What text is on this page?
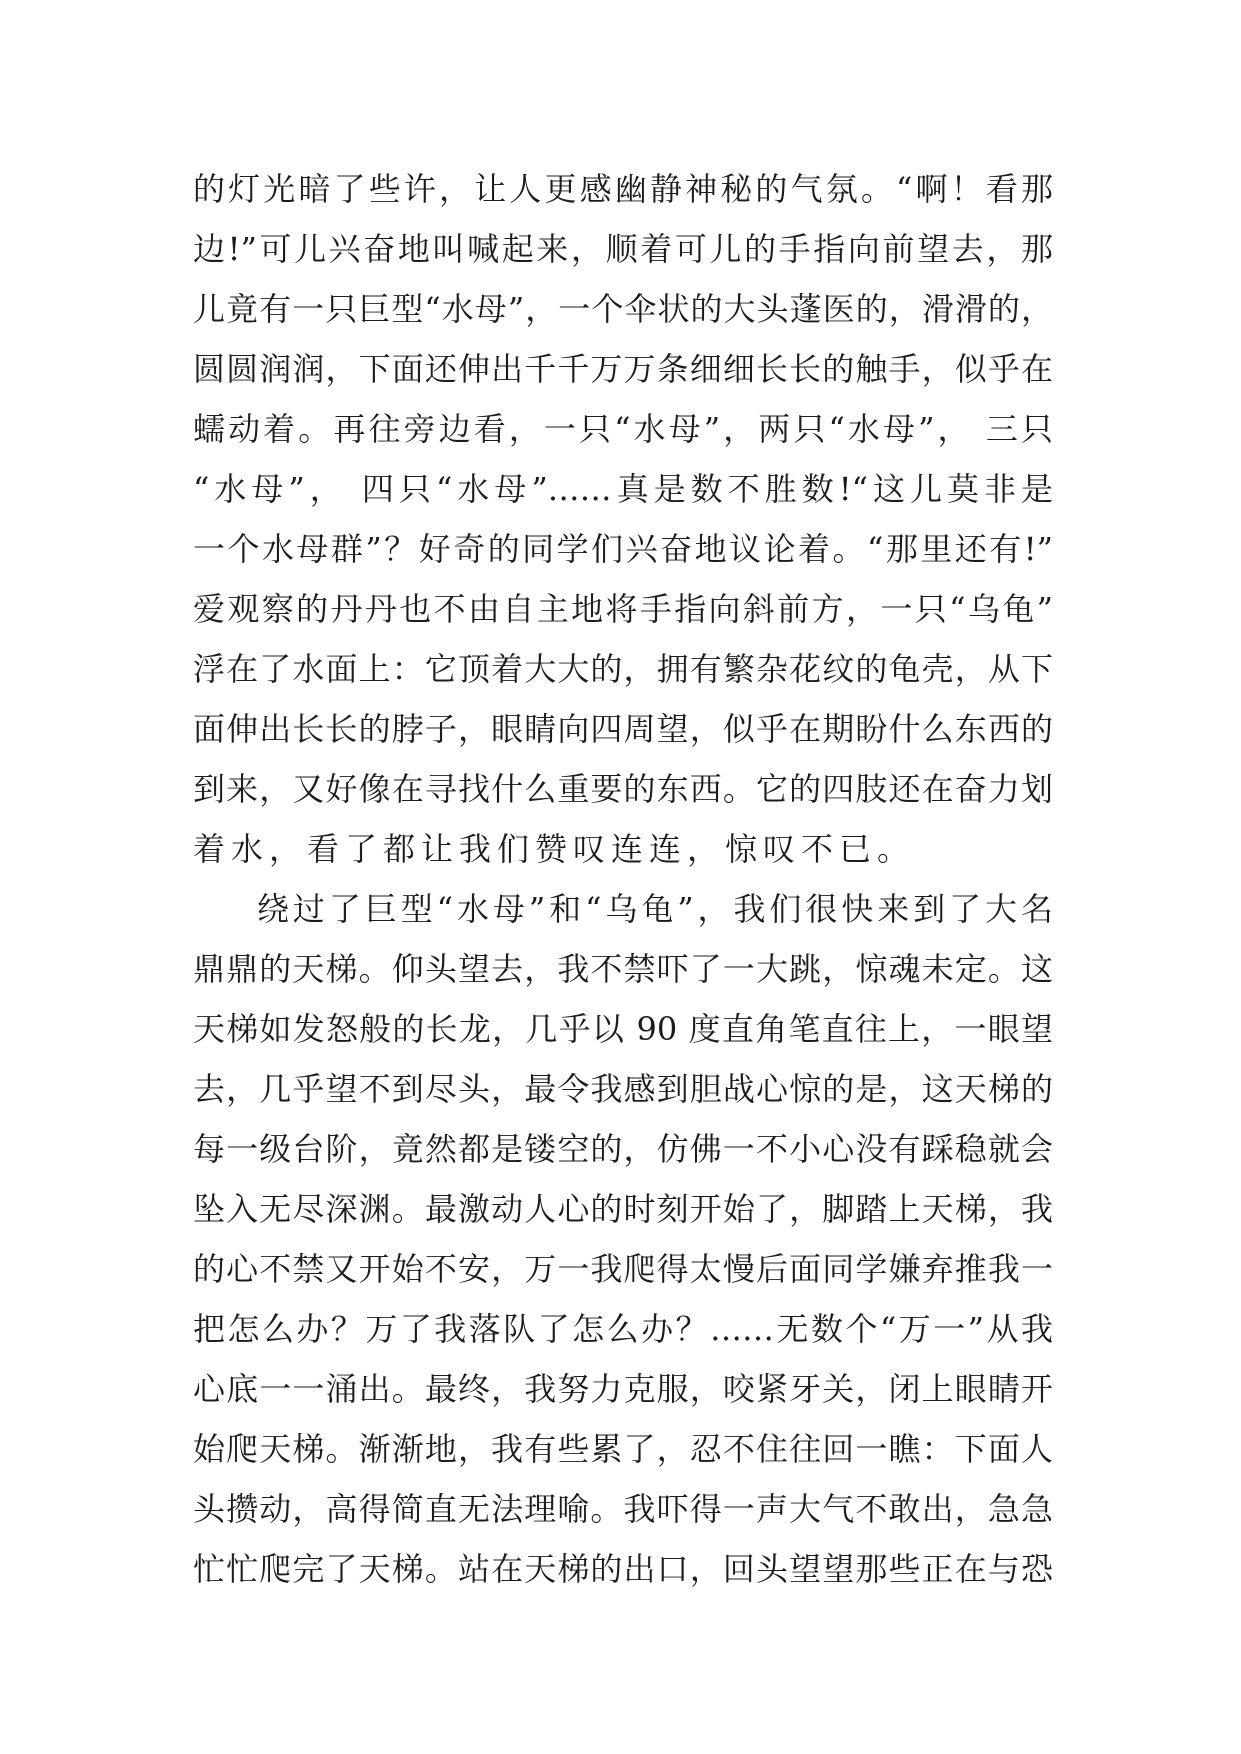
的灯光暗了些许，让人更感幽静神秘的气氛。“啊！看那
边!”可儿兴奋地叫喊起来，顺着可儿的手指向前望去，那
儿竟有一只巨型“水母”，一个伞状的大头蓬医的，滑滑的，
圆圆润润，下面还伸出千千万万条细细长长的触手，似乎在
蠕动着。再往旁边看，一只“水母”，两只“水母”， 三只
“水母”， 四只“水母”……真是数不胜数!“这儿莫非是
一个水母群”？好奇的同学们兴奋地议论着。“那里还有!”
爱观察的丹丹也不由自主地将手指向斜前方，一只“乌龟”
浮在了水面上：它顶着大大的，拥有繁杂花纹的龟壳，从下
面伸出长长的脖子，眼睛向四周望，似乎在期盼什么东西的
到来，又好像在寻找什么重要的东西。它的四肢还在奋力划
着水，看了都让我们赞叹连连，惊叹不已。
绕过了巨型“水母”和“乌龟”，我们很快来到了大名
鼎鼎的天梯。仰头望去，我不禁吓了一大跳，惊魂未定。这
天梯如发怒般的长龙，几乎以 90 度直角笔直往上，一眼望
去，几乎望不到尽头，最令我感到胆战心惊的是，这天梯的
每一级台阶，竟然都是镂空的，仿佛一不小心没有踩稳就会
坠入无尽深渊。最激动人心的时刻开始了，脚踏上天梯，我
的心不禁又开始不安，万一我爬得太慢后面同学嫌弃推我一
把怎么办？万了我落队了怎么办？……无数个“万一”从我
心底一一涌出。最终，我努力克服，咬紧牙关，闭上眼睛开
始爬天梯。渐渐地，我有些累了，忍不住往回一瞧：下面人
头攒动，高得简直无法理喻。我吓得一声大气不敢出，急急
忙忙爬完了天梯。站在天梯的出口，回头望望那些正在与恐
